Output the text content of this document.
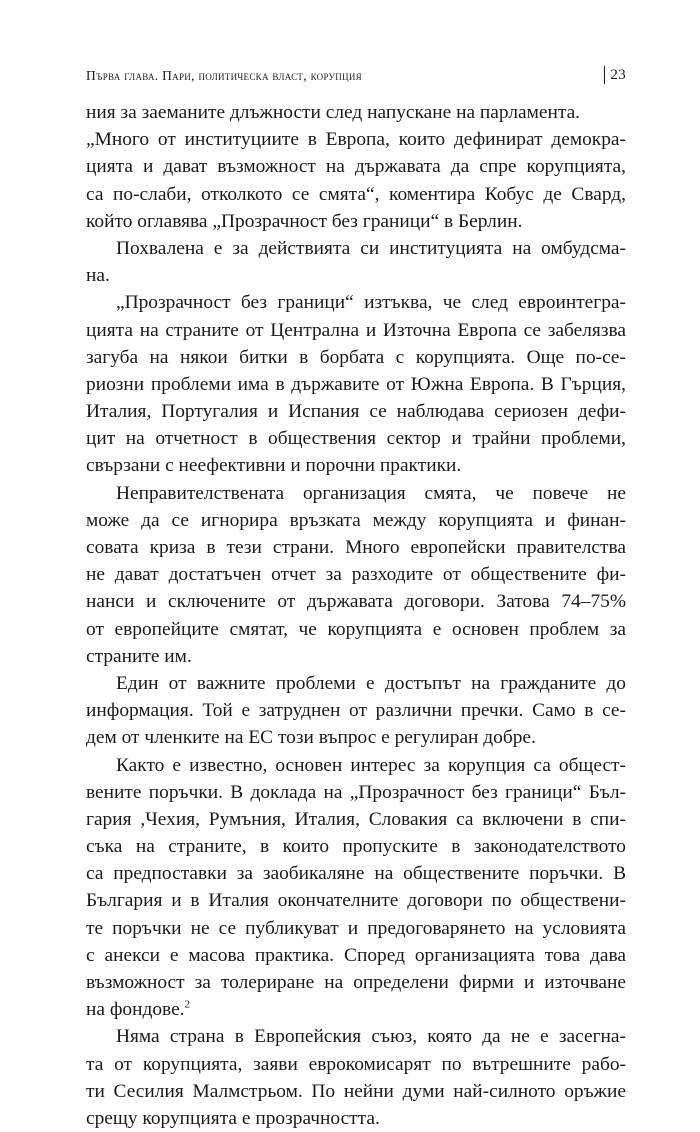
Първа глава. Пари, политическа власт, корупция	23
ния за заеманите длъжности след напускане на парламента.
„Много от институциите в Европа, които дефинират демокра-
цията и дават възможност на държавата да спре корупцията,
са по-слаби, отколкото се смята“, коментира Кобус де Свард,
който оглавява „Прозрачност без граници“ в Берлин.
Похвалена е за действията си институцията на омбудсма-
на.
„Прозрачност без граници“ изтъква, че след евроинтегра-
цията на страните от Централна и Източна Европа се забелязва
загуба на някои битки в борбата с корупцията. Още по-се-
риозни проблеми има в държавите от Южна Европа. В Гърция,
Италия, Португалия и Испания се наблюдава сериозен дефи-
цит на отчетност в обществения сектор и трайни проблеми,
свързани с неефективни и порочни практики.
Неправителствената организация смята, че повече не
може да се игнорира връзката между корупцията и финан-
совата криза в тези страни. Много европейски правителства
не дават достатъчен отчет за разходите от обществените фи-
нанси и сключените от държавата договори. Затова 74–75%
от европейците смятат, че корупцията е основен проблем за
страните им.
Един от важните проблеми е достъпът на гражданите до
информация. Той е затруднен от различни пречки. Само в се-
дем от членките на ЕС този въпрос е регулиран добре.
Както е известно, основен интерес за корупция са общест-
вените поръчки. В доклада на „Прозрачност без граници“ Бъл-
гария ,Чехия, Румъния, Италия, Словакия са включени в спи-
съка на страните, в които пропуските в законодателството
са предпоставки за заобикаляне на обществените поръчки. В
България и в Италия окончателните договори по обществени-
те поръчки не се публикуват и предоговарянето на условията
с анекси е масова практика. Според организацията това дава
възможност за толериране на определени фирми и източване
на фондове.$^2$
Няма страна в Европейския съюз, която да не е засегна-
та от корупцията, заяви еврокомисарят по вътрешните рабо-
ти Сесилия Малмстрьом. По нейни думи най-силното оръжие
срещу корупцията е прозрачността.
